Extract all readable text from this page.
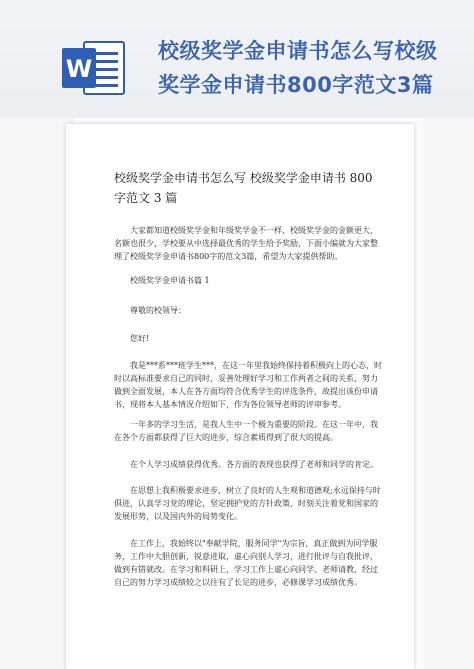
W
校级奖学金申请书怎么写校级奖学金申请书800字范文3篇
校级奖学金申请书怎么写 校级奖学金申请书 800 字范文 3 篇
大家都知道校级奖学金和年级奖学金不一样，校级奖学金的金额更大，名额也很少，学校要从中选择最优秀的学生给予奖励，下面小编就为大家整理了校级奖学金申请书800字的范文3篇，希望为大家提供帮助。
校级奖学金申请书篇 1
尊敬的校领导：
您好!
我是***系***班学生***，在这一年里我始终保持着积极向上的心态，时时以高标准要求自己的同时，妥善处理好学习和工作两者之间的关系，努力做到全面发展，本人在各方面均符合优秀学生的评选条件，故提出该份申请书，现将本人基本情况介绍如下，作为各位领导老师的评审参考。
一年多的学习生活，是我人生中一个极为重要的阶段。在这一年中，我在各个方面都获得了巨大的进步，综合素质得到了很大的提高。
在个人学习成绩获得优秀。各方面的表现也获得了老师和同学的肯定。
在思想上我积极要求进步，树立了良好的人生观和道德观;永远保持与时俱进，认真学习党的理论，坚定拥护党的方针政策，时刻关注着党和国家的发展形势，以及国内外的局势变化。
在工作上，我始终以"奉献学院，服务同学"为宗旨，真正做到为同学服务，工作中大胆创新，锐意进取，虚心向别人学习，进行批评与自我批评，做到有错就改。在学习和科研上，学习工作上虚心向同学、老师请教，经过自己的努力学习成绩较之以往有了长足的进步，必修课学习成绩优秀。
